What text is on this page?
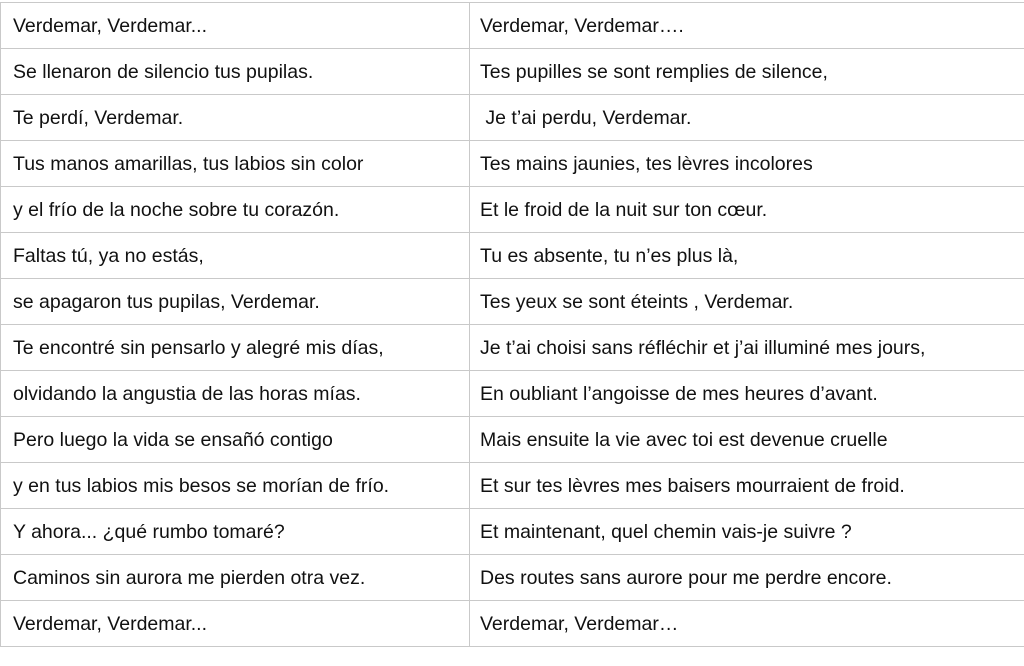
Verdemar, Verdemar...	Verdemar, Verdemar….
Se llenaron de silencio tus pupilas.	Tes pupilles se sont remplies de silence,
Te perdí, Verdemar.	Je t’ai perdu, Verdemar.
Tus manos amarillas, tus labios sin color	Tes mains jaunies, tes lèvres incolores
y el frío de la noche sobre tu corazón.	Et le froid de la nuit sur ton cœur.
Faltas tú, ya no estás,	Tu es absente, tu n’es plus là,
se apagaron tus pupilas, Verdemar.	Tes yeux se sont éteints , Verdemar.
Te encontré sin pensarlo y alegré mis días,	Je t’ai choisi sans réfléchir et j’ai illuminé mes jours,
olvidando la angustia de las horas mías.	En oubliant l’angoisse de mes heures d’avant.
Pero luego la vida se ensañó contigo	Mais ensuite la vie avec toi est devenue cruelle
y en tus labios mis besos se morían de frío.	Et sur tes lèvres mes baisers mourraient de froid.
Y ahora... ¿qué rumbo tomaré?	Et maintenant, quel chemin vais-je suivre ?
Caminos sin aurora me pierden otra vez.	Des routes sans aurore pour me perdre encore.
Verdemar, Verdemar...	Verdemar, Verdemar…
